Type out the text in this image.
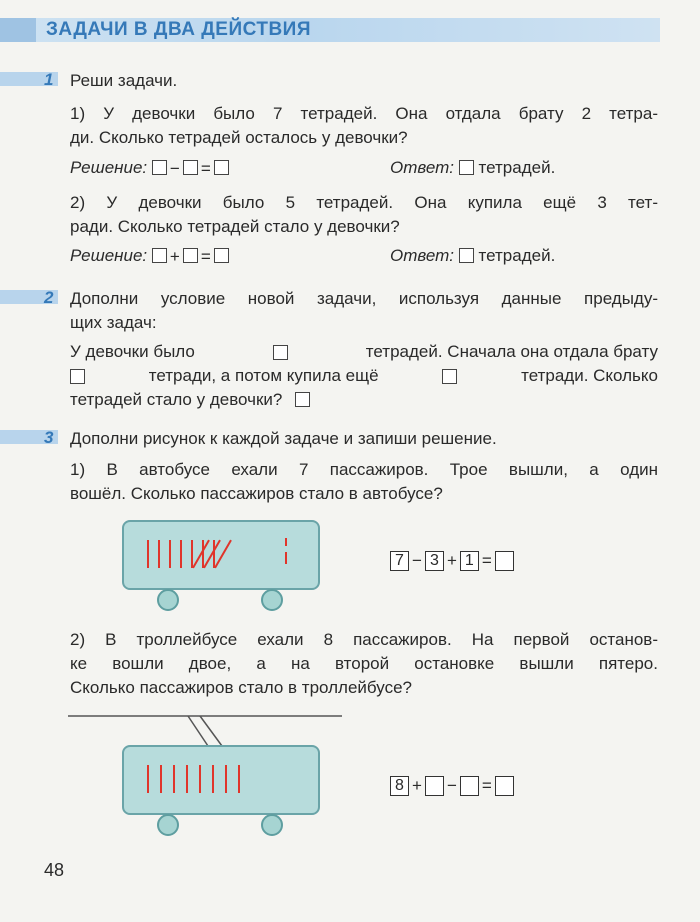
ЗАДАЧИ В ДВА ДЕЙСТВИЯ
1 Реши задачи.
1) У девочки было 7 тетрадей. Она отдала брату 2 тетра-
ди. Сколько тетрадей осталось у девочки?
Решение: − =	Ответ: тетрадей.
2) У девочки было 5 тетрадей. Она купила ещё 3 тет-
ради. Сколько тетрадей стало у девочки?
Решение: + =	Ответ: тетрадей.
2 Дополни условие новой задачи, используя данные предыду-
щих задач:
У девочки было	тетрадей. Сначала она отдала брату
тетради, а потом купила ещё	тетради. Сколько
тетрадей стало у девочки?
3 Дополни рисунок к каждой задаче и запиши решение.
1) В автобусе ехали 7 пассажиров. Трое вышли, а один
вошёл. Сколько пассажиров стало в автобусе?
7 − 3 + 1 =
2) В троллейбусе ехали 8 пассажиров. На первой останов-
ке вошли двое, а на второй остановке вышли пятеро.
Сколько пассажиров стало в троллейбусе?
8 + − =
48
